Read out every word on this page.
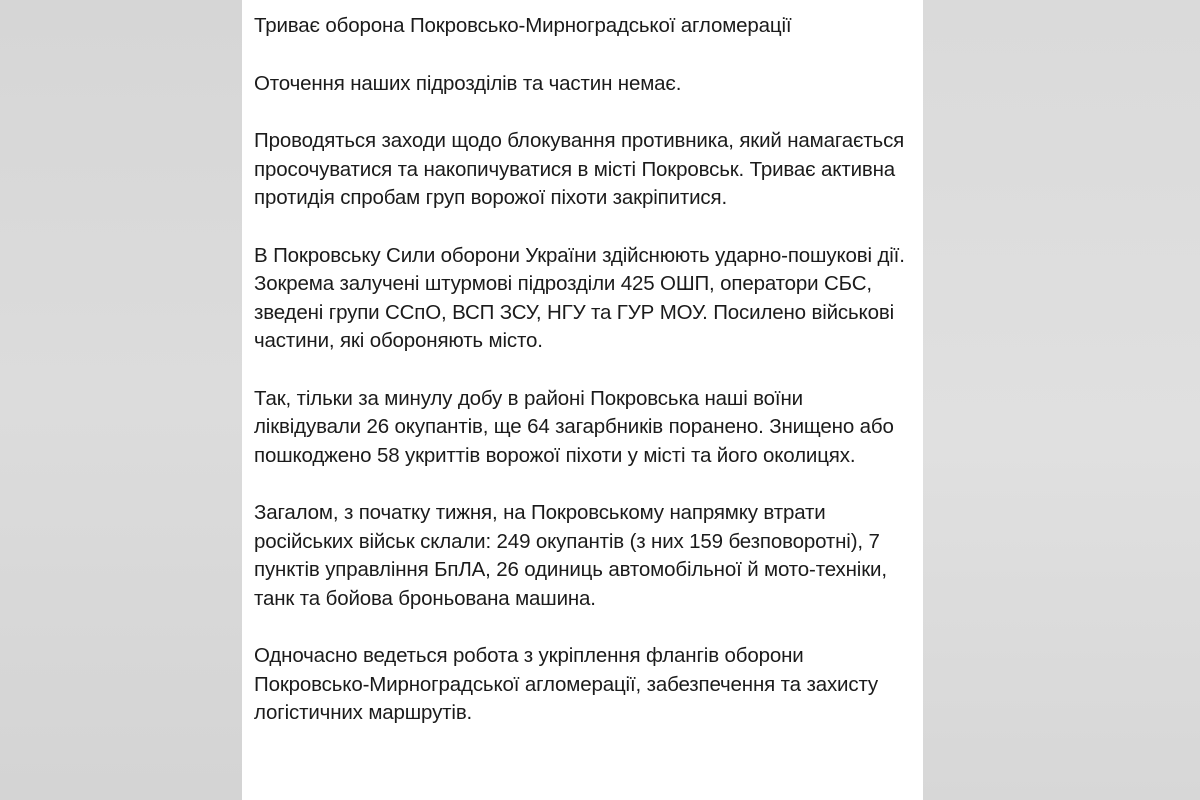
Триває оборона Покровсько-Мирноградської агломерації

Оточення наших підрозділів та частин немає.

Проводяться заходи щодо блокування противника, який намагається просочуватися та накопичуватися в місті Покровськ. Триває активна протидія спробам груп ворожої піхоти закріпитися.

В Покровську Сили оборони України здійснюють ударно-пошукові дії. Зокрема залучені штурмові підрозділи 425 ОШП, оператори СБС, зведені групи ССпО, ВСП ЗСУ, НГУ та ГУР МОУ. Посилено військові частини, які обороняють місто.

Так, тільки за минулу добу в районі Покровська наші воїни ліквідували 26 окупантів, ще 64 загарбників поранено. Знищено або пошкоджено 58 укриттів ворожої піхоти у місті та його околицях.

Загалом, з початку тижня, на Покровському напрямку втрати російських військ склали: 249 окупантів (з них 159 безповоротні), 7 пунктів управління БпЛА, 26 одиниць автомобільної й мото-техніки, танк та бойова броньована машина.

Одночасно ведеться робота з укріплення флангів оборони Покровсько-Мирноградської агломерації, забезпечення та захисту логістичних маршрутів.
